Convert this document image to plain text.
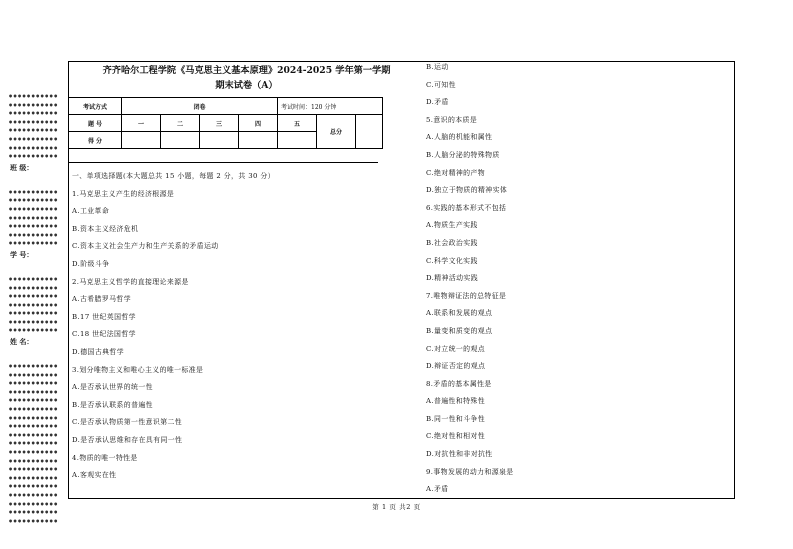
•••••••••••
•••••••••••
•••••••••••
•••••••••••
•••••••••••
•••••••••••
•••••••••••
•••••••••••
班 级：
•••••••••••
•••••••••••
•••••••••••
•••••••••••
•••••••••••
•••••••••••
•••••••••••
学 号：
•••••••••••
•••••••••••
•••••••••••
•••••••••••
•••••••••••
•••••••••••
•••••••••••
姓 名：
•••••••••••
•••••••••••
•••••••••••
•••••••••••
•••••••••••
•••••••••••
•••••••••••
•••••••••••
•••••••••••
•••••••••••
•••••••••••
•••••••••••
•••••••••••
•••••••••••
•••••••••••
•••••••••••
•••••••••••
•••••••••••
•••••••••••
齐齐哈尔工程学院《马克思主义基本原理》2024-2025 学年第一学期
期末试卷（A）
考试方式	闭卷				考试时间：120 分钟		
题 号	一	二	三	四	五	总分	
得 分							
一、单项选择题(本大题总共 15 小题，每题 2 分，共 30 分）
1.马克思主义产生的经济根源是
A.工业革命
B.资本主义经济危机
C.资本主义社会生产力和生产关系的矛盾运动
D.阶级斗争
2.马克思主义哲学的直接理论来源是
A.古希腊罗马哲学
B.17 世纪英国哲学
C.18 世纪法国哲学
D.德国古典哲学
3.划分唯物主义和唯心主义的唯一标准是
A.是否承认世界的统一性
B.是否承认联系的普遍性
C.是否承认物质第一性意识第二性
D.是否承认思维和存在具有同一性
4.物质的唯一特性是
A.客观实在性
B.运动
C.可知性
D.矛盾
5.意识的本质是
A.人脑的机能和属性
B.人脑分泌的特殊物质
C.绝对精神的产物
D.独立于物质的精神实体
6.实践的基本形式不包括
A.物质生产实践
B.社会政治实践
C.科学文化实践
D.精神活动实践
7.唯物辩证法的总特征是
A.联系和发展的观点
B.量变和质变的观点
C.对立统一的观点
D.辩证否定的观点
8.矛盾的基本属性是
A.普遍性和特殊性
B.同一性和斗争性
C.绝对性和相对性
D.对抗性和非对抗性
9.事物发展的动力和源泉是
A.矛盾
第 1 页 共2 页
